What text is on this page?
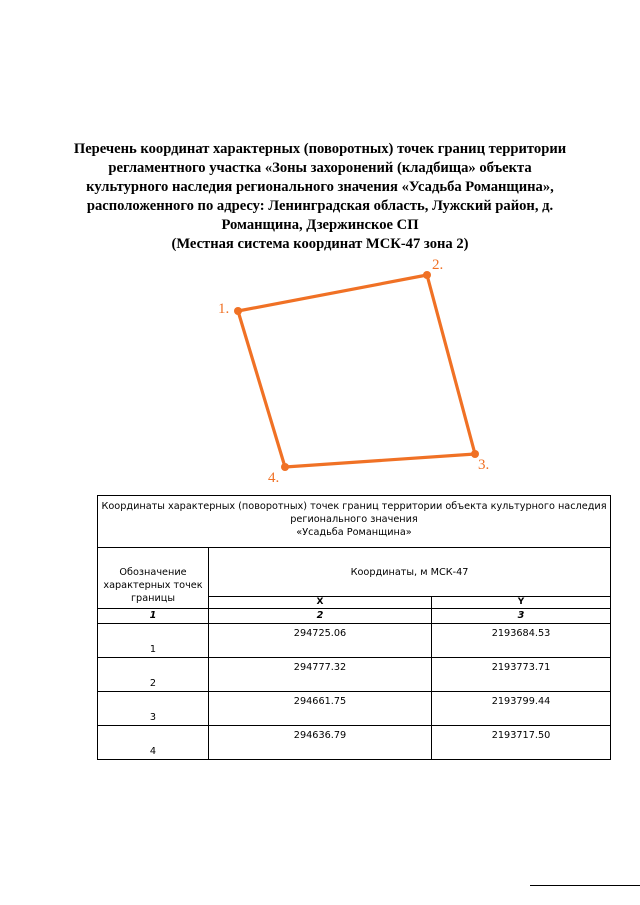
Перечень координат характерных (поворотных) точек границ территории
регламентного участка «Зоны захоронений (кладбища» объекта
культурного наследия регионального значения «Усадьба Романщина»,
расположенного по адресу: Ленинградская область, Лужский район, д.
Романщина, Дзержинское СП
(Местная система координат МСК-47 зона 2)
1.
2.
3.
4.
Координаты характерных (поворотных) точек границ территории объекта культурного наследия
регионального значения
«Усадьба Романщина»		

Обозначение
характерных точек
границы	Координаты, м МСК-47	
	X	Y
1	2	3
1	294725.06	2193684.53
2	294777.32	2193773.71
3	294661.75	2193799.44
4	294636.79	2193717.50
